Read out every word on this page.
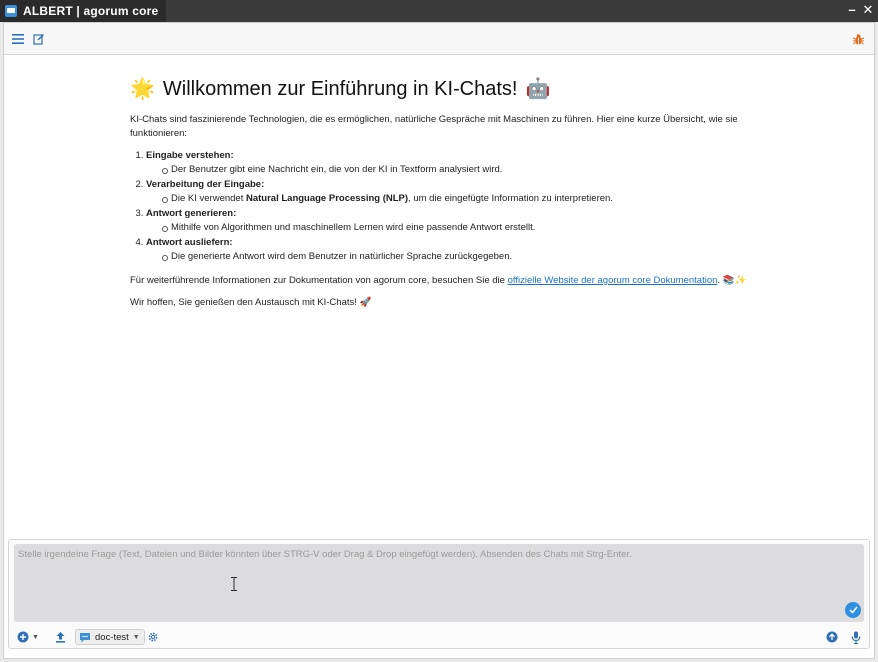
ALBERT | agorum core	– ✕
🌟 Willkommen zur Einführung in KI-Chats! 🤖

KI-Chats sind faszinierende Technologien, die es ermöglichen, natürliche Gespräche mit Maschinen zu führen. Hier eine kurze Übersicht, wie sie funktionieren:

1. Eingabe verstehen:
Der Benutzer gibt eine Nachricht ein, die von der KI in Textform analysiert wird.
2. Verarbeitung der Eingabe:
Die KI verwendet Natural Language Processing (NLP), um die eingefügte Information zu interpretieren.
3. Antwort generieren:
Mithilfe von Algorithmen und maschinellem Lernen wird eine passende Antwort erstellt.
4. Antwort ausliefern:
Die generierte Antwort wird dem Benutzer in natürlicher Sprache zurückgegeben.

Für weiterführende Informationen zur Dokumentation von agorum core, besuchen Sie die offizielle Website der agorum core Dokumentation. 📚✨

Wir hoffen, Sie genießen den Austausch mit KI-Chats! 🚀

Stelle irgendeine Frage (Text, Dateien und Bilder könnten über STRG-V oder Drag & Drop eingefügt werden). Absenden des Chats mit Strg-Enter.
▼	doc-test ▼
